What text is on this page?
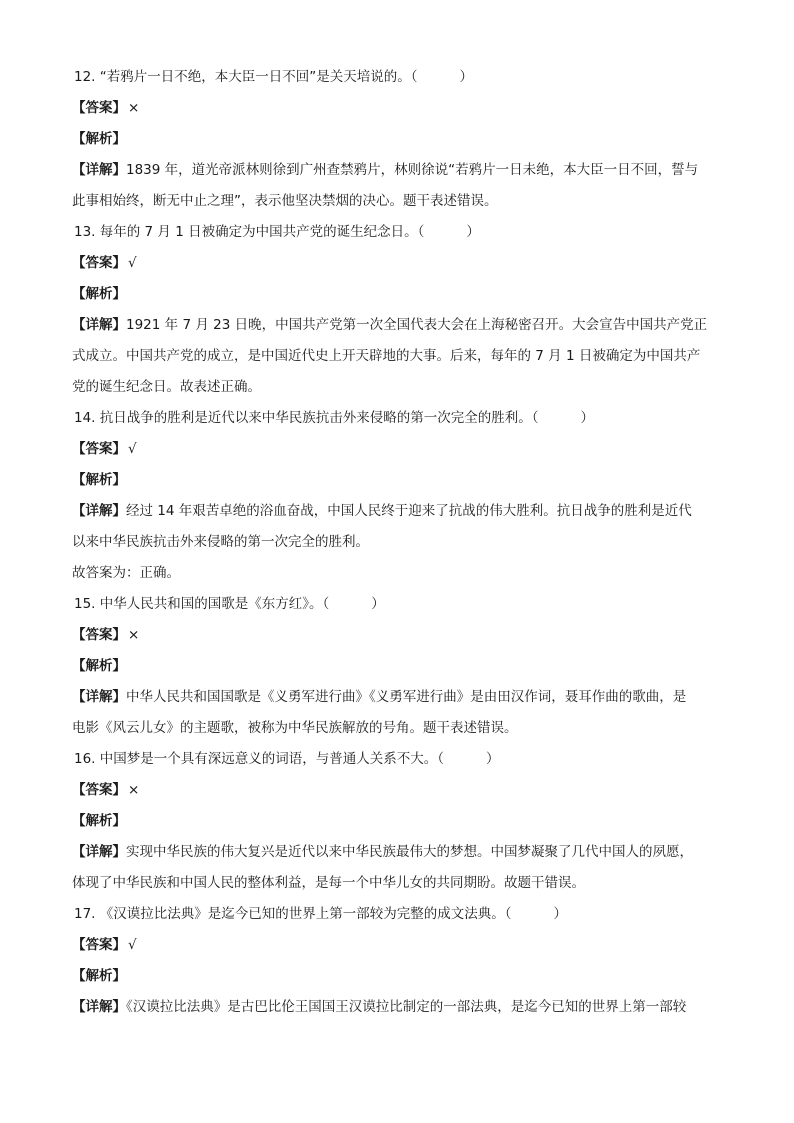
12. “若鸦片一日不绝，本大臣一日不回”是关天培说的。（	）
【答案】 ×
【解析】
【详解】1839 年，道光帝派林则徐到广州查禁鸦片，林则徐说“若鸦片一日未绝，本大臣一日不回，誓与
此事相始终，断无中止之理”，表示他坚决禁烟的决心。题干表述错误。
13. 每年的 7 月 1 日被确定为中国共产党的诞生纪念日。（	）
【答案】 √
【解析】
【详解】1921 年 7 月 23 日晚，中国共产党第一次全国代表大会在上海秘密召开。大会宣告中国共产党正
式成立。中国共产党的成立，是中国近代史上开天辟地的大事。后来，每年的 7 月 1 日被确定为中国共产
党的诞生纪念日。故表述正确。
14. 抗日战争的胜利是近代以来中华民族抗击外来侵略的第一次完全的胜利。（	）
【答案】 √
【解析】
【详解】经过 14 年艰苦卓绝的浴血奋战，中国人民终于迎来了抗战的伟大胜利。抗日战争的胜利是近代
以来中华民族抗击外来侵略的第一次完全的胜利。
故答案为：正确。
15. 中华人民共和国的国歌是《东方红》。（	）
【答案】 ×
【解析】
【详解】中华人民共和国国歌是《义勇军进行曲》《义勇军进行曲》是由田汉作词，聂耳作曲的歌曲，是
电影《风云儿女》的主题歌，被称为中华民族解放的号角。题干表述错误。
16. 中国梦是一个具有深远意义的词语，与普通人关系不大。（	）
【答案】 ×
【解析】
【详解】实现中华民族的伟大复兴是近代以来中华民族最伟大的梦想。中国梦凝聚了几代中国人的夙愿，
体现了中华民族和中国人民的整体利益，是每一个中华儿女的共同期盼。故题干错误。
17. 《汉谟拉比法典》是迄今已知的世界上第一部较为完整的成文法典。（	）
【答案】 √
【解析】
【详解】《汉谟拉比法典》是古巴比伦王国国王汉谟拉比制定的一部法典，是迄今已知的世界上第一部较
